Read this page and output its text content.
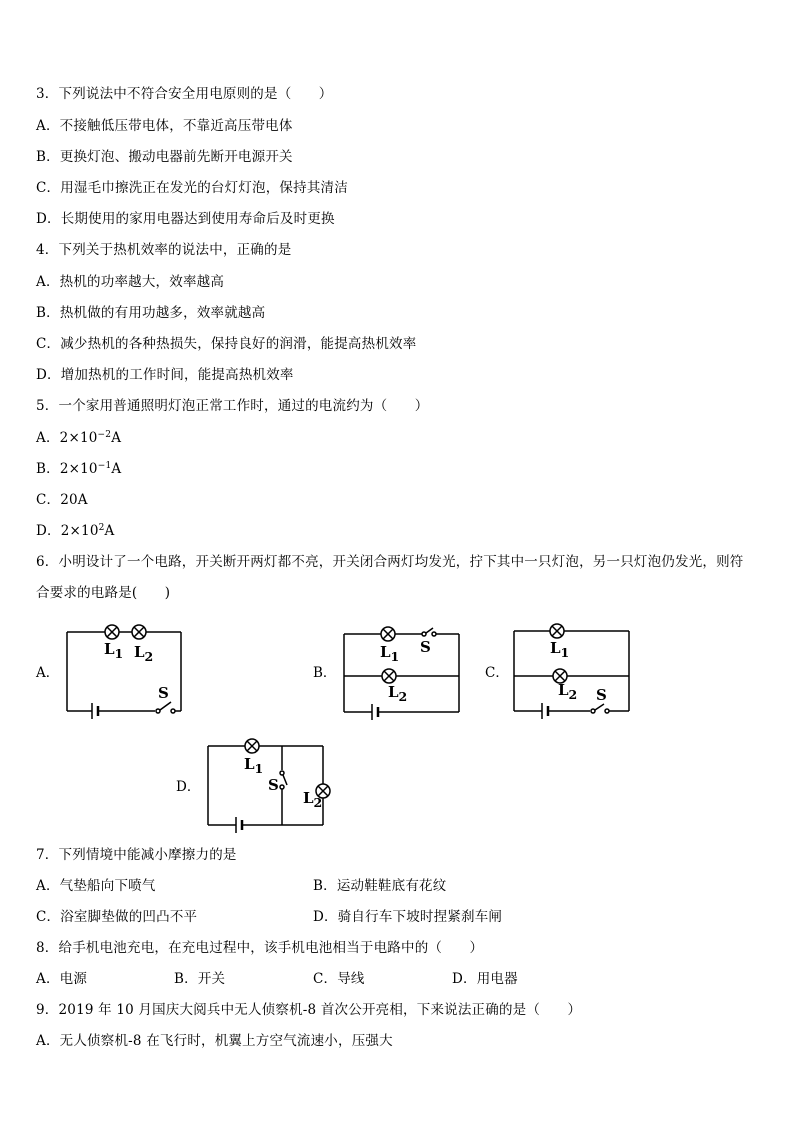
3．下列说法中不符合安全用电原则的是（　　）
A．不接触低压带电体，不靠近高压带电体
B．更换灯泡、搬动电器前先断开电源开关
C．用湿毛巾擦洗正在发光的台灯灯泡，保持其清洁
D．长期使用的家用电器达到使用寿命后及时更换
4．下列关于热机效率的说法中，正确的是
A．热机的功率越大，效率越高
B．热机做的有用功越多，效率就越高
C．减少热机的各种热损失，保持良好的润滑，能提高热机效率
D．增加热机的工作时间，能提高热机效率
5．一个家用普通照明灯泡正常工作时，通过的电流约为（　　）
A．$2\times 10^{-2}A$
B．$2\times 10^{-1}A$
C．20A
D．$2\times 10^2A$
6．小明设计了一个电路，开关断开两灯都不亮，开关闭合两灯均发光，拧下其中一只灯泡，另一只灯泡仍发光，则符
合要求的电路是(　　)
A．
$L_1$ $L_2$
S
B．
$L_1$
S
$L_2$
C．
$L_1$
$L_2$ S
D．
$L_1$
S
$L_2$
7．下列情境中能减小摩擦力的是
A．气垫船向下喷气	B．运动鞋鞋底有花纹
C．浴室脚垫做的凹凸不平	D．骑自行车下坡时捏紧刹车闸
8．给手机电池充电，在充电过程中，该手机电池相当于电路中的（　　）
A．电源	B．开关	C．导线	D．用电器
9．2019 年 10 月国庆大阅兵中无人侦察机-8 首次公开亮相，下来说法正确的是（　　）
A．无人侦察机-8 在飞行时，机翼上方空气流速小，压强大
